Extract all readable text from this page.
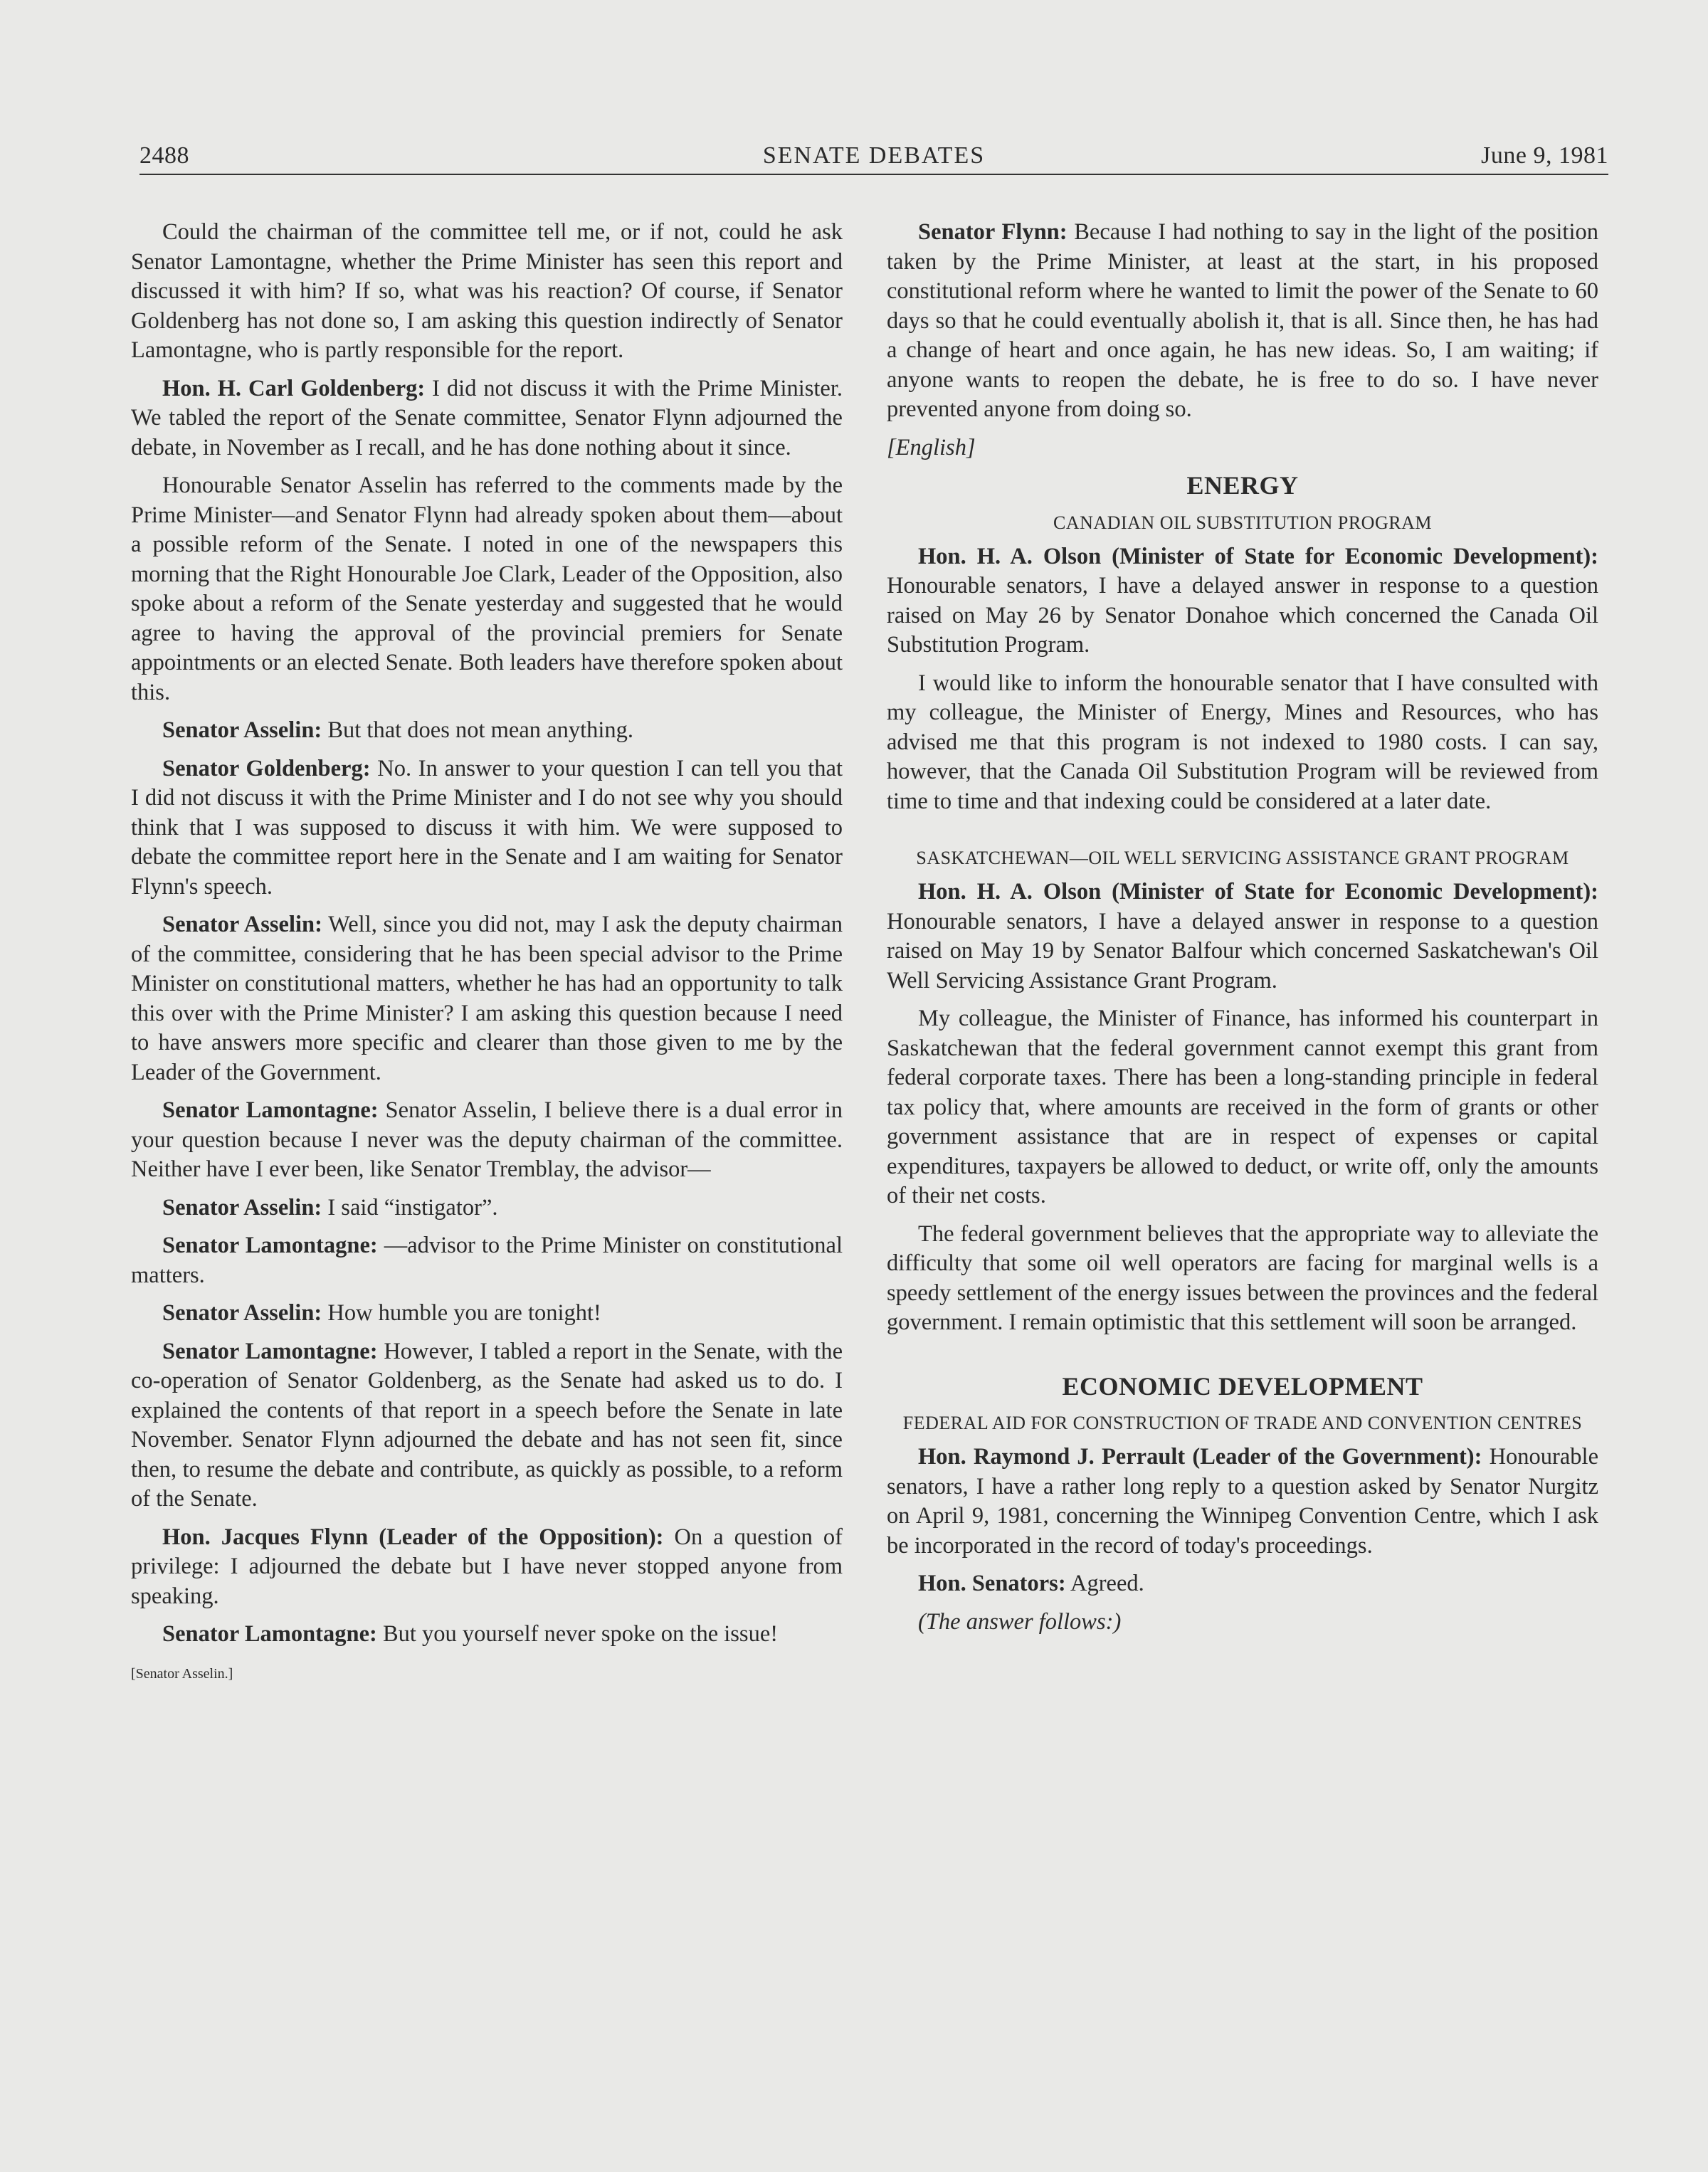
2488	SENATE DEBATES	June 9, 1981

Could the chairman of the committee tell me, or if not, could he ask Senator Lamontagne, whether the Prime Minister has seen this report and discussed it with him? If so, what was his reaction? Of course, if Senator Goldenberg has not done so, I am asking this question indirectly of Senator Lamontagne, who is partly responsible for the report.

Hon. H. Carl Goldenberg: I did not discuss it with the Prime Minister. We tabled the report of the Senate committee, Senator Flynn adjourned the debate, in November as I recall, and he has done nothing about it since.

Honourable Senator Asselin has referred to the comments made by the Prime Minister—and Senator Flynn had already spoken about them—about a possible reform of the Senate. I noted in one of the newspapers this morning that the Right Honourable Joe Clark, Leader of the Opposition, also spoke about a reform of the Senate yesterday and suggested that he would agree to having the approval of the provincial premiers for Senate appointments or an elected Senate. Both leaders have therefore spoken about this.

Senator Asselin: But that does not mean anything.

Senator Goldenberg: No. In answer to your question I can tell you that I did not discuss it with the Prime Minister and I do not see why you should think that I was supposed to discuss it with him. We were supposed to debate the committee report here in the Senate and I am waiting for Senator Flynn's speech.

Senator Asselin: Well, since you did not, may I ask the deputy chairman of the committee, considering that he has been special advisor to the Prime Minister on constitutional matters, whether he has had an opportunity to talk this over with the Prime Minister? I am asking this question because I need to have answers more specific and clearer than those given to me by the Leader of the Government.

Senator Lamontagne: Senator Asselin, I believe there is a dual error in your question because I never was the deputy chairman of the committee. Neither have I ever been, like Senator Tremblay, the advisor—

Senator Asselin: I said “instigator”.

Senator Lamontagne: —advisor to the Prime Minister on constitutional matters.

Senator Asselin: How humble you are tonight!

Senator Lamontagne: However, I tabled a report in the Senate, with the co-operation of Senator Goldenberg, as the Senate had asked us to do. I explained the contents of that report in a speech before the Senate in late November. Senator Flynn adjourned the debate and has not seen fit, since then, to resume the debate and contribute, as quickly as possible, to a reform of the Senate.

Hon. Jacques Flynn (Leader of the Opposition): On a question of privilege: I adjourned the debate but I have never stopped anyone from speaking.

Senator Lamontagne: But you yourself never spoke on the issue!

[Senator Asselin.]

Senator Flynn: Because I had nothing to say in the light of the position taken by the Prime Minister, at least at the start, in his proposed constitutional reform where he wanted to limit the power of the Senate to 60 days so that he could eventually abolish it, that is all. Since then, he has had a change of heart and once again, he has new ideas. So, I am waiting; if anyone wants to reopen the debate, he is free to do so. I have never prevented anyone from doing so.

[English]

ENERGY
CANADIAN OIL SUBSTITUTION PROGRAM

Hon. H. A. Olson (Minister of State for Economic Development): Honourable senators, I have a delayed answer in response to a question raised on May 26 by Senator Donahoe which concerned the Canada Oil Substitution Program.

I would like to inform the honourable senator that I have consulted with my colleague, the Minister of Energy, Mines and Resources, who has advised me that this program is not indexed to 1980 costs. I can say, however, that the Canada Oil Substitution Program will be reviewed from time to time and that indexing could be considered at a later date.

SASKATCHEWAN—OIL WELL SERVICING ASSISTANCE GRANT PROGRAM

Hon. H. A. Olson (Minister of State for Economic Development): Honourable senators, I have a delayed answer in response to a question raised on May 19 by Senator Balfour which concerned Saskatchewan's Oil Well Servicing Assistance Grant Program.

My colleague, the Minister of Finance, has informed his counterpart in Saskatchewan that the federal government cannot exempt this grant from federal corporate taxes. There has been a long-standing principle in federal tax policy that, where amounts are received in the form of grants or other government assistance that are in respect of expenses or capital expenditures, taxpayers be allowed to deduct, or write off, only the amounts of their net costs.

The federal government believes that the appropriate way to alleviate the difficulty that some oil well operators are facing for marginal wells is a speedy settlement of the energy issues between the provinces and the federal government. I remain optimistic that this settlement will soon be arranged.

ECONOMIC DEVELOPMENT
FEDERAL AID FOR CONSTRUCTION OF TRADE AND CONVENTION CENTRES

Hon. Raymond J. Perrault (Leader of the Government): Honourable senators, I have a rather long reply to a question asked by Senator Nurgitz on April 9, 1981, concerning the Winnipeg Convention Centre, which I ask be incorporated in the record of today's proceedings.

Hon. Senators: Agreed.

(The answer follows:)
